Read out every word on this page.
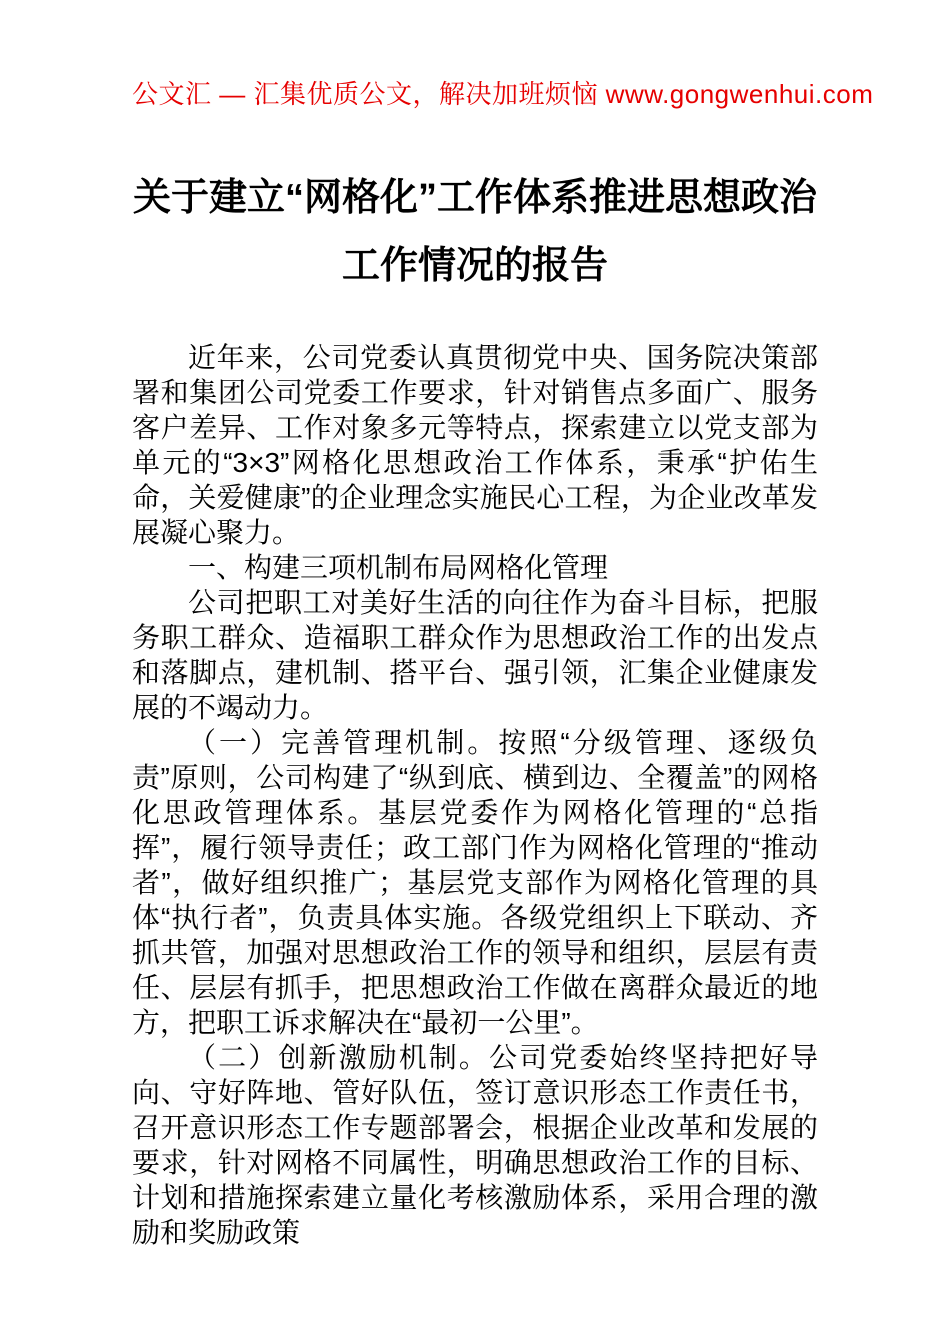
公文汇 — 汇集优质公文，解决加班烦恼 www.gongwenhui.com
关于建立“网格化”工作体系推进思想政治工作情况的报告

近年来，公司党委认真贯彻党中央、国务院决策部署和集团公司党委工作要求，针对销售点多面广、服务客户差异、工作对象多元等特点，探索建立以党支部为单元的“3×3”网格化思想政治工作体系，秉承“护佑生命，关爱健康”的企业理念实施民心工程，为企业改革发展凝心聚力。

一、构建三项机制布局网格化管理

公司把职工对美好生活的向往作为奋斗目标，把服务职工群众、造福职工群众作为思想政治工作的出发点和落脚点，建机制、搭平台、强引领，汇集企业健康发展的不竭动力。

（一）完善管理机制。按照“分级管理、逐级负责”原则，公司构建了“纵到底、横到边、全覆盖”的网格化思政管理体系。基层党委作为网格化管理的“总指挥”，履行领导责任；政工部门作为网格化管理的“推动者”，做好组织推广；基层党支部作为网格化管理的具体“执行者”，负责具体实施。各级党组织上下联动、齐抓共管，加强对思想政治工作的领导和组织，层层有责任、层层有抓手，把思想政治工作做在离群众最近的地方，把职工诉求解决在“最初一公里”。

（二）创新激励机制。公司党委始终坚持把好导向、守好阵地、管好队伍，签订意识形态工作责任书，召开意识形态工作专题部署会，根据企业改革和发展的要求，针对网格不同属性，明确思想政治工作的目标、计划和措施探索建立量化考核激励体系，采用合理的激励和奖励政策
